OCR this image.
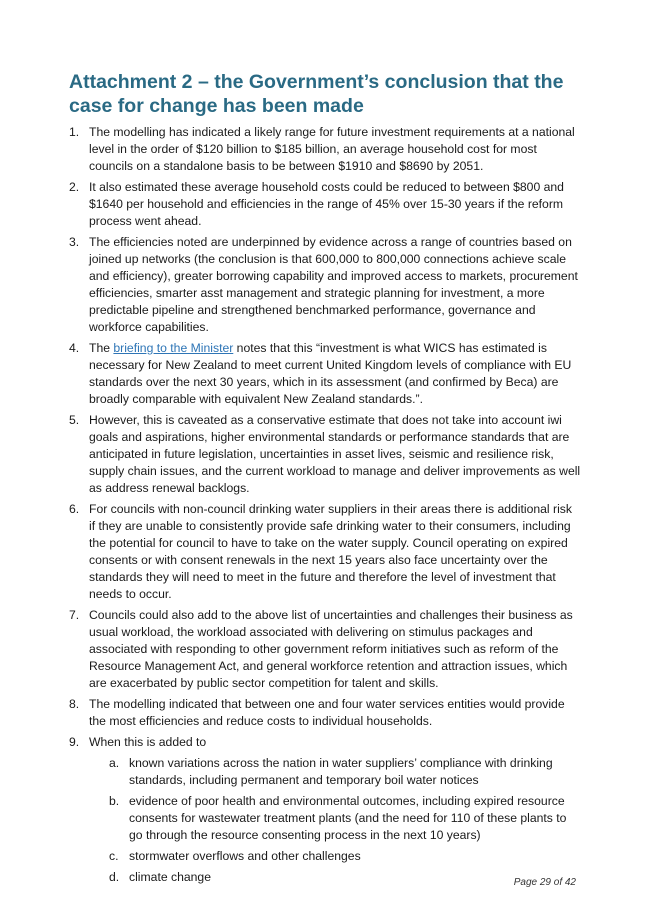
Attachment 2 – the Government’s conclusion that the case for change has been made
1. The modelling has indicated a likely range for future investment requirements at a national level in the order of $120 billion to $185 billion, an average household cost for most councils on a standalone basis to be between $1910 and $8690 by 2051.
2. It also estimated these average household costs could be reduced to between $800 and $1640 per household and efficiencies in the range of 45% over 15-30 years if the reform process went ahead.
3. The efficiencies noted are underpinned by evidence across a range of countries based on joined up networks (the conclusion is that 600,000 to 800,000 connections achieve scale and efficiency), greater borrowing capability and improved access to markets, procurement efficiencies, smarter asst management and strategic planning for investment, a more predictable pipeline and strengthened benchmarked performance, governance and workforce capabilities.
4. The briefing to the Minister notes that this “investment is what WICS has estimated is necessary for New Zealand to meet current United Kingdom levels of compliance with EU standards over the next 30 years, which in its assessment (and confirmed by Beca) are broadly comparable with equivalent New Zealand standards.”.
5. However, this is caveated as a conservative estimate that does not take into account iwi goals and aspirations, higher environmental standards or performance standards that are anticipated in future legislation, uncertainties in asset lives, seismic and resilience risk, supply chain issues, and the current workload to manage and deliver improvements as well as address renewal backlogs.
6. For councils with non-council drinking water suppliers in their areas there is additional risk if they are unable to consistently provide safe drinking water to their consumers, including the potential for council to have to take on the water supply. Council operating on expired consents or with consent renewals in the next 15 years also face uncertainty over the standards they will need to meet in the future and therefore the level of investment that needs to occur.
7. Councils could also add to the above list of uncertainties and challenges their business as usual workload, the workload associated with delivering on stimulus packages and associated with responding to other government reform initiatives such as reform of the Resource Management Act, and general workforce retention and attraction issues, which are exacerbated by public sector competition for talent and skills.
8. The modelling indicated that between one and four water services entities would provide the most efficiencies and reduce costs to individual households.
9. When this is added to
a. known variations across the nation in water suppliers’ compliance with drinking standards, including permanent and temporary boil water notices
b. evidence of poor health and environmental outcomes, including expired resource consents for wastewater treatment plants (and the need for 110 of these plants to go through the resource consenting process in the next 10 years)
c. stormwater overflows and other challenges
d. climate change	Page 29 of 42
